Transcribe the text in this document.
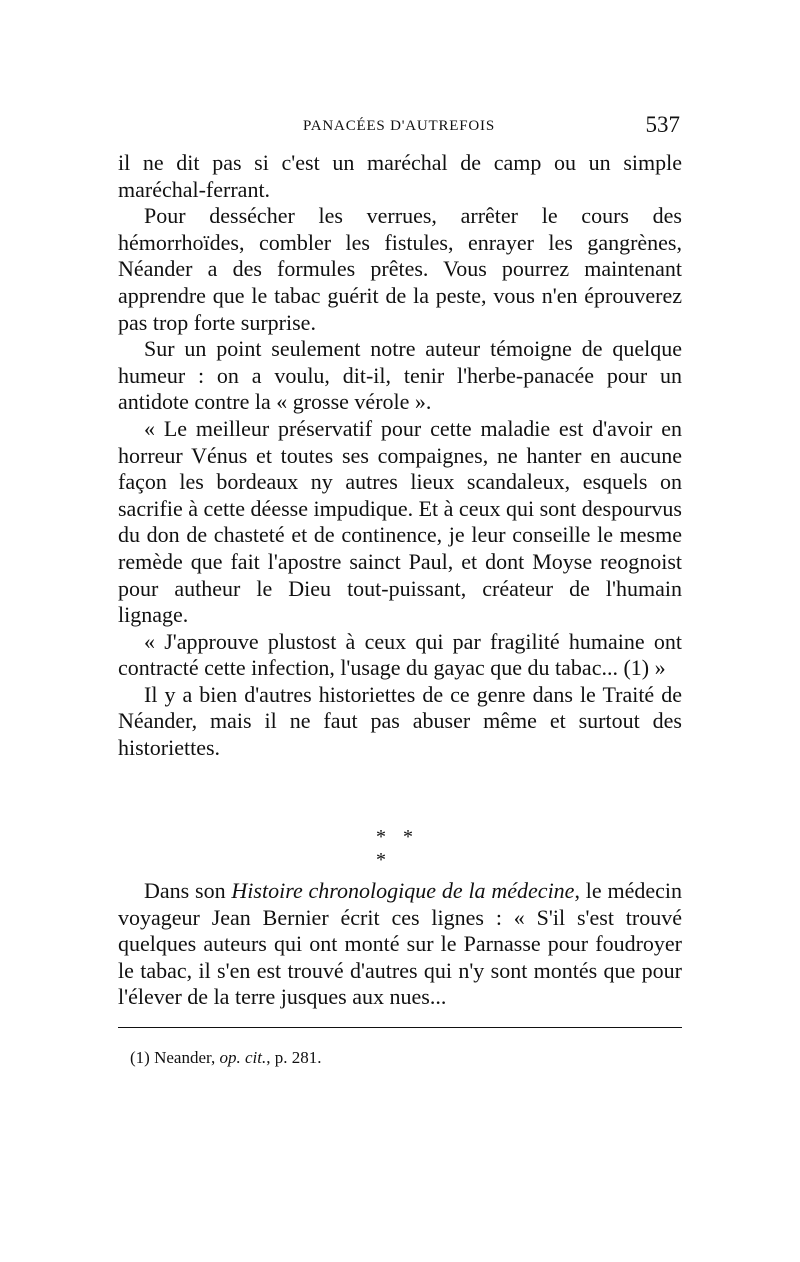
PANACÉES D'AUTREFOIS	537

il ne dit pas si c'est un maréchal de camp ou un simple maréchal-ferrant.

Pour dessécher les verrues, arrêter le cours des hémorrhoïdes, combler les fistules, enrayer les gangrènes, Néander a des formules prêtes. Vous pourrez maintenant apprendre que le tabac guérit de la peste, vous n'en éprouverez pas trop forte surprise.

Sur un point seulement notre auteur témoigne de quelque humeur : on a voulu, dit-il, tenir l'herbe-panacée pour un antidote contre la « grosse vérole ».

« Le meilleur préservatif pour cette maladie est d'avoir en horreur Vénus et toutes ses compaignes, ne hanter en aucune façon les bordeaux ny autres lieux scandaleux, esquels on sacrifie à cette déesse impudique. Et à ceux qui sont despourvus du don de chasteté et de continence, je leur conseille le mesme remède que fait l'apostre sainct Paul, et dont Moyse reognoist pour autheur le Dieu tout-puissant, créateur de l'humain lignage.

« J'approuve plustost à ceux qui par fragilité humaine ont contracté cette infection, l'usage du gayac que du tabac... (1) »

Il y a bien d'autres historiettes de ce genre dans le Traité de Néander, mais il ne faut pas abuser même et surtout des historiettes.

* * *

Dans son Histoire chronologique de la médecine, le médecin voyageur Jean Bernier écrit ces lignes : « S'il s'est trouvé quelques auteurs qui ont monté sur le Parnasse pour foudroyer le tabac, il s'en est trouvé d'autres qui n'y sont montés que pour l'élever de la terre jusques aux nues...

(1) Neander, op. cit., p. 281.
